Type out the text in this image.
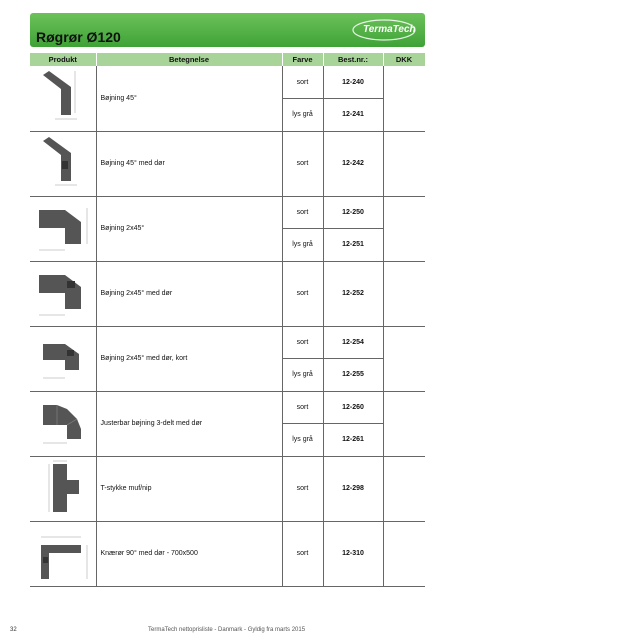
Røgrør Ø120	TermaTech
Produkt	Betegnelse	Farve	Best.nr.:	DKK
	Bøjning 45°	sort	12-240	
		lys grå	12-241	
	Bøjning 45° med dør	sort	12-242	
	Bøjning 2x45°	sort	12-250	
		lys grå	12-251	
	Bøjning 2x45° med dør	sort	12-252	
	Bøjning 2x45° med dør, kort	sort	12-254	
		lys grå	12-255	
	Justerbar bøjning 3-delt med dør	sort	12-260	
		lys grå	12-261	
	T-stykke muf/nip	sort	12-298	
	Knærør 90° med dør - 700x500	sort	12-310	
32	TermaTech nettoprisliste - Danmark - Gyldig fra marts 2015
